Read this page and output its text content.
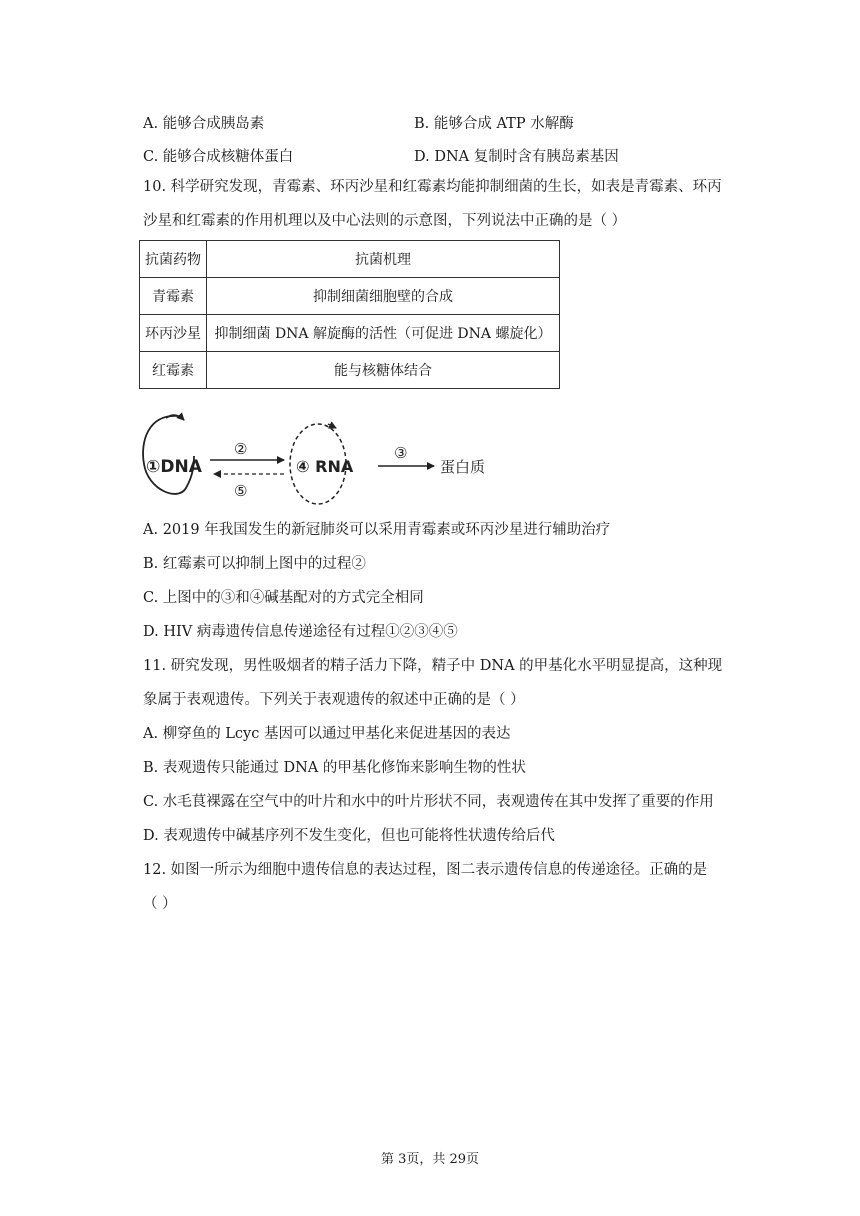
A. 能够合成胰岛素	B. 能够合成 ATP 水解酶
C. 能够合成核糖体蛋白	D. DNA 复制时含有胰岛素基因
10. 科学研究发现，青霉素、环丙沙星和红霉素均能抑制细菌的生长，如表是青霉素、环丙
沙星和红霉素的作用机理以及中心法则的示意图，下列说法中正确的是（ ）
抗菌药物	抗菌机理
青霉素	抑制细菌细胞壁的合成
环丙沙星	抑制细菌 DNA 解旋酶的活性（可促进 DNA 螺旋化）
红霉素	能与核糖体结合
①DNA
②
⑤
④ RNA
③
蛋白质
A. 2019 年我国发生的新冠肺炎可以采用青霉素或环丙沙星进行辅助治疗
B. 红霉素可以抑制上图中的过程②
C. 上图中的③和④碱基配对的方式完全相同
D. HIV 病毒遗传信息传递途径有过程①②③④⑤
11. 研究发现，男性吸烟者的精子活力下降，精子中 DNA 的甲基化水平明显提高，这种现
象属于表观遗传。下列关于表观遗传的叙述中正确的是（ ）
A. 柳穿鱼的 Lcyc 基因可以通过甲基化来促进基因的表达
B. 表观遗传只能通过 DNA 的甲基化修饰来影响生物的性状
C. 水毛茛裸露在空气中的叶片和水中的叶片形状不同，表观遗传在其中发挥了重要的作用
D. 表观遗传中碱基序列不发生变化，但也可能将性状遗传给后代
12. 如图一所示为细胞中遗传信息的表达过程，图二表示遗传信息的传递途径。正确的是
（ ）
第 3页，共 29页
